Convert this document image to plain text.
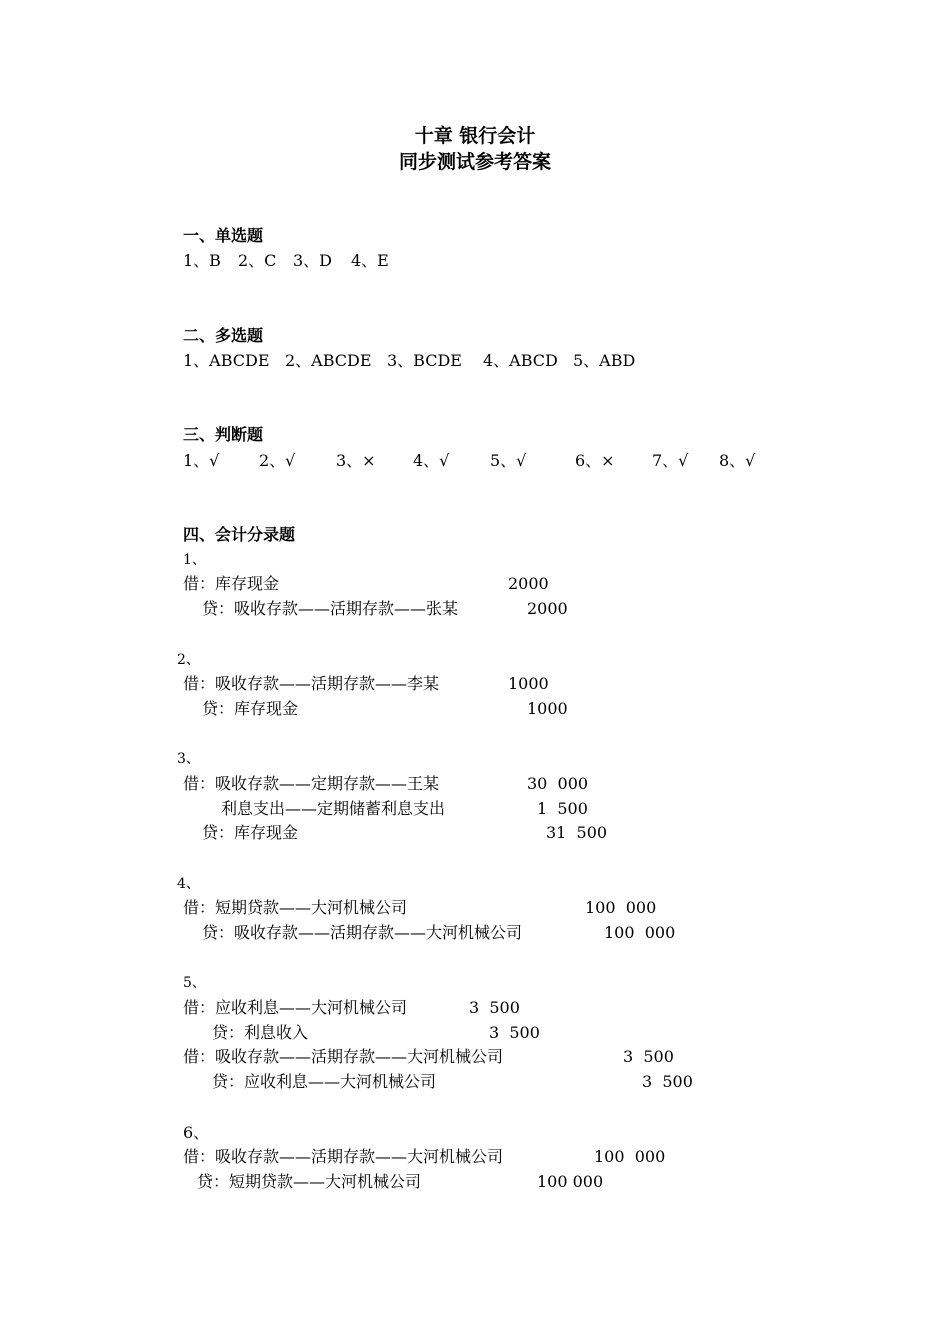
十章 银行会计
同步测试参考答案
一、单选题
1、B 2、C 3、D 4、E
二、多选题
1、ABCDE 2、ABCDE 3、BCDE 4、ABCD 5、ABD
三、判断题
1、√ 2、√	3、× 4、√	5、√	6、× 7、√ 8、√
四、会计分录题
1、
借：库存现金	2000
贷：吸收存款——活期存款——张某	2000
2、
借：吸收存款——活期存款——李某	1000
贷：库存现金	1000
3、
借：吸收存款——定期存款——王某	30  000
利息支出——定期储蓄利息支出	1  500
贷：库存现金	31  500
4、
借：短期贷款——大河机械公司	100  000
贷：吸收存款——活期存款——大河机械公司	100  000
5、
借：应收利息——大河机械公司	3  500
贷：利息收入	3  500
借：吸收存款——活期存款——大河机械公司	3  500
贷：应收利息——大河机械公司	3  500
6、
借：吸收存款——活期存款——大河机械公司	100  000
贷：短期贷款——大河机械公司	100 000
